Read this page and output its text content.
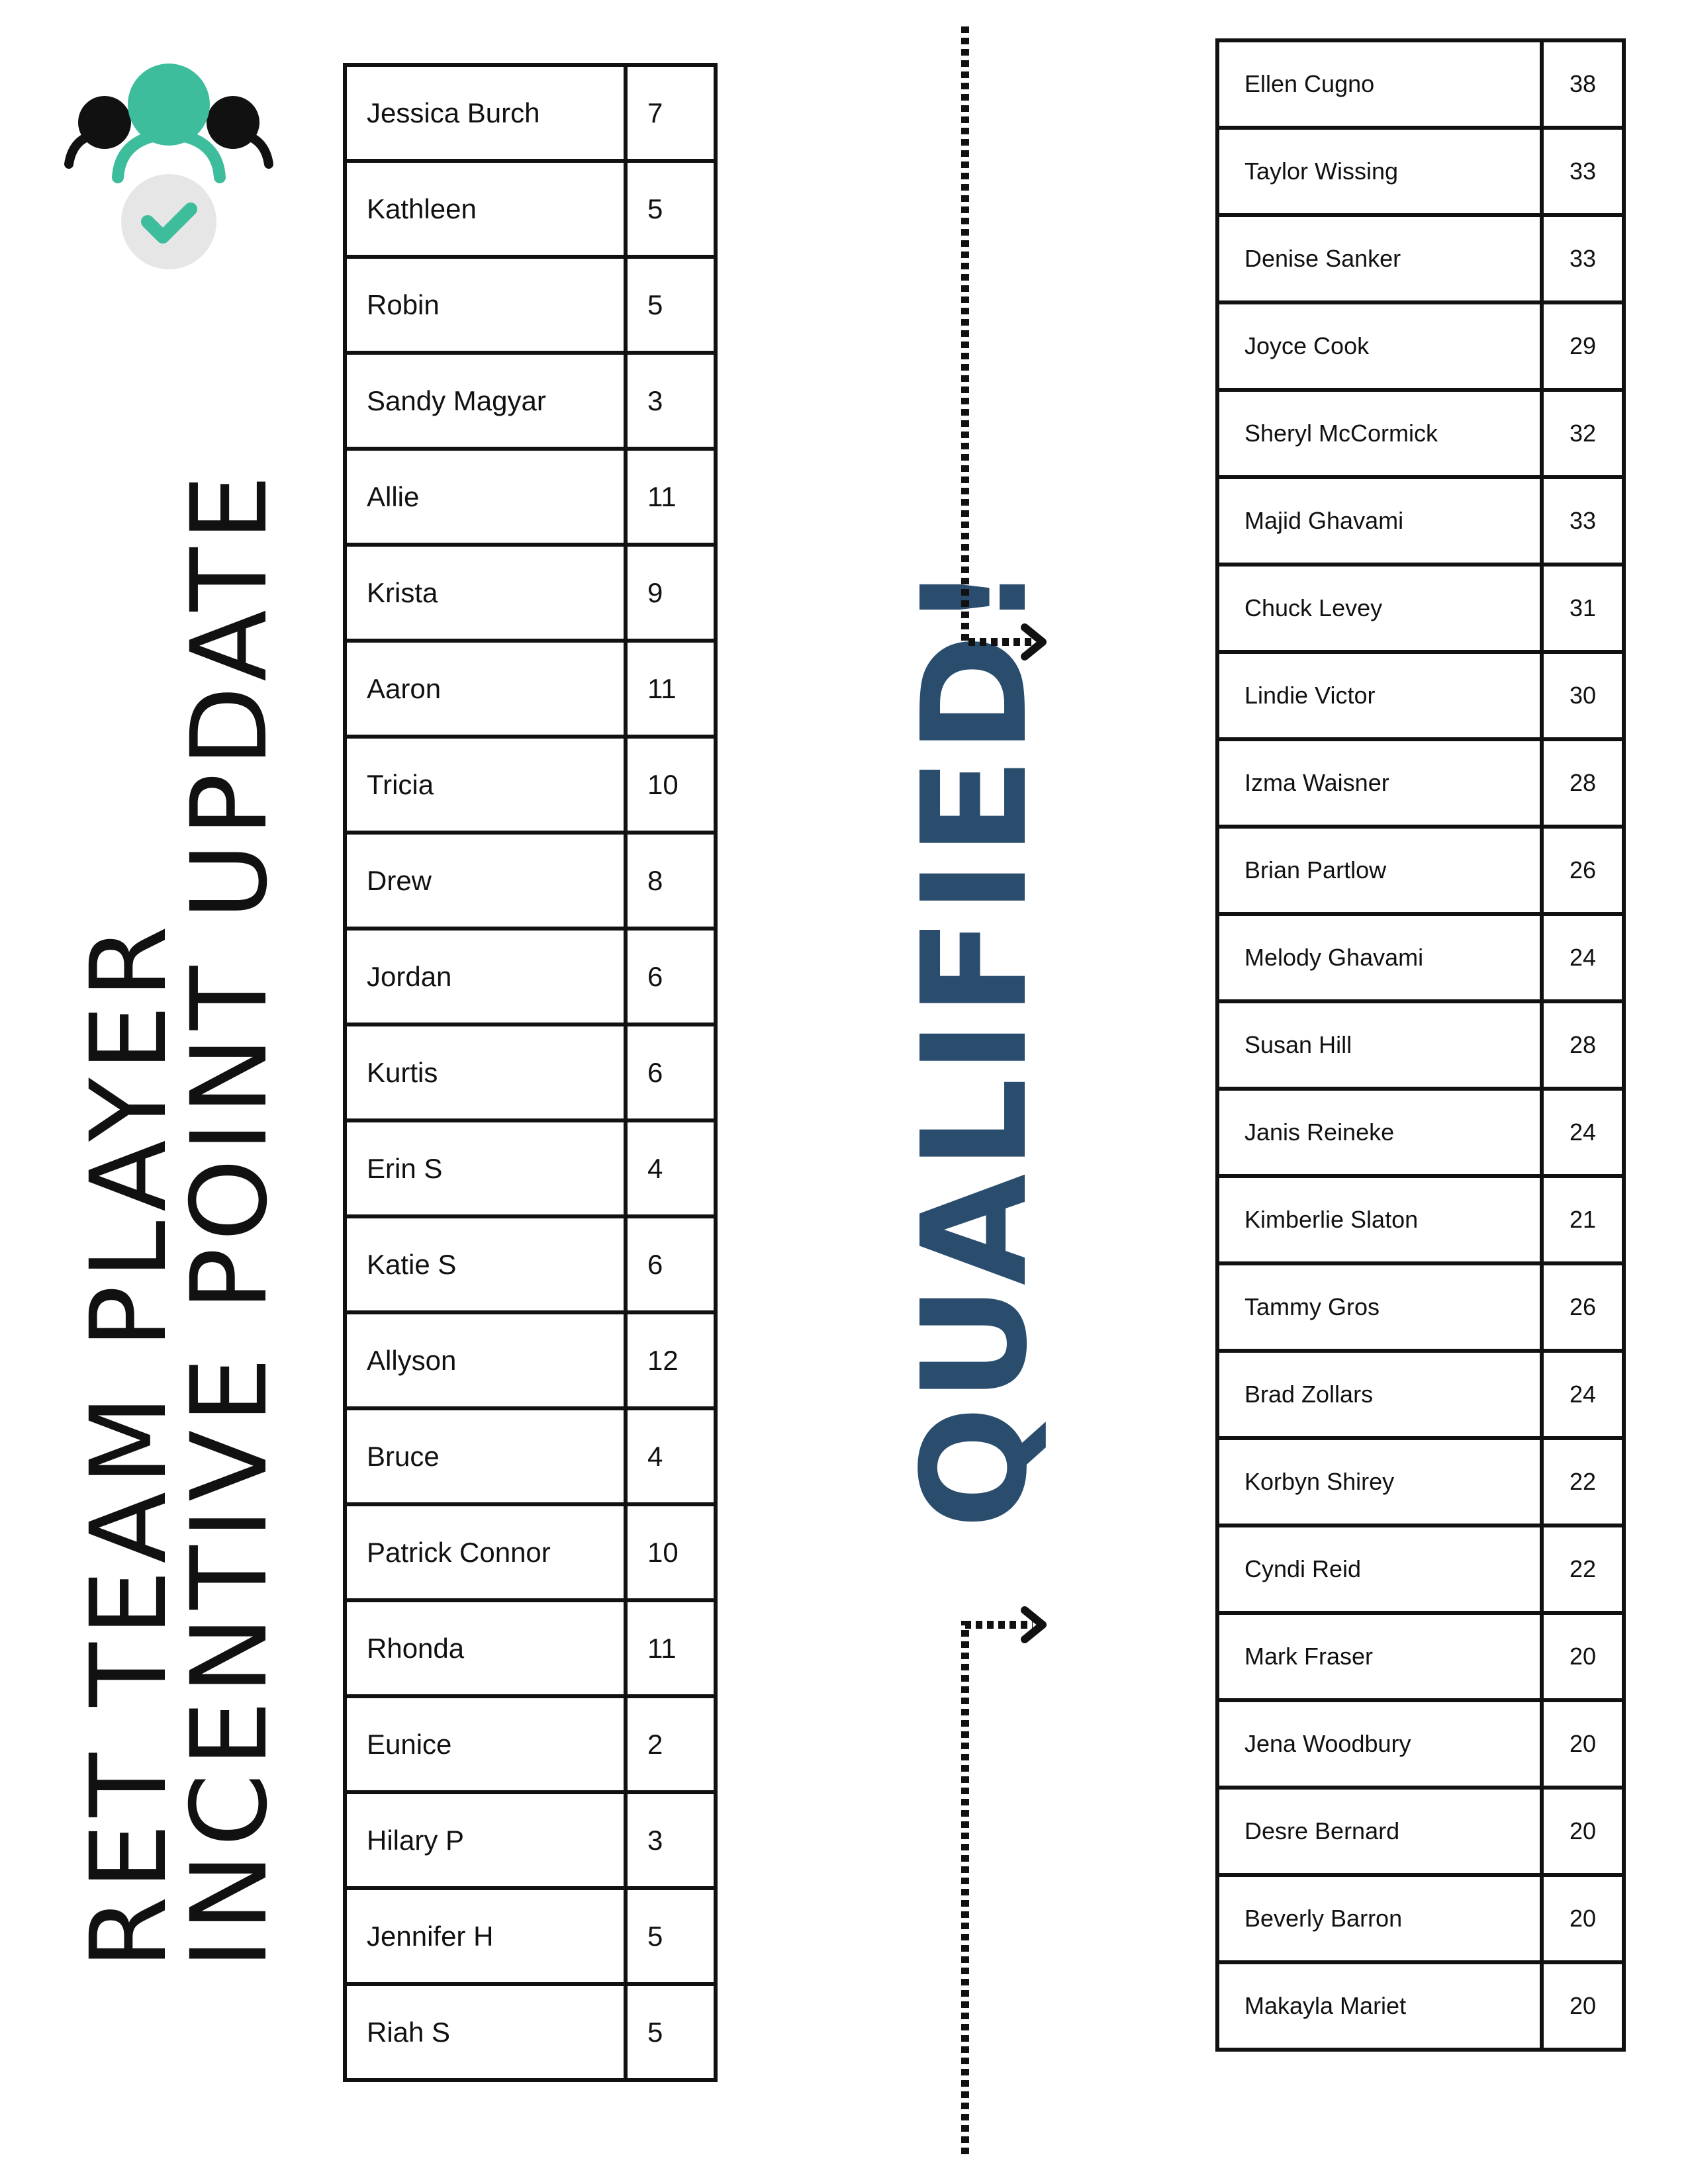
RET TEAM PLAYER
INCENTIVE POINT UPDATE
Jessica Burch	7
Kathleen	5
Robin	5
Sandy Magyar	3
Allie	11
Krista	9
Aaron	11
Tricia	10
Drew	8
Jordan	6
Kurtis	6
Erin S	4
Katie S	6
Allyson	12
Bruce	4
Patrick Connor	10
Rhonda	11
Eunice	2
Hilary P	3
Jennifer H	5
Riah S	5
QUALIFIED!
Ellen Cugno	38
Taylor Wissing	33
Denise Sanker	33
Joyce Cook	29
Sheryl McCormick	32
Majid Ghavami	33
Chuck Levey	31
Lindie Victor	30
Izma Waisner	28
Brian Partlow	26
Melody Ghavami	24
Susan Hill	28
Janis Reineke	24
Kimberlie Slaton	21
Tammy Gros	26
Brad Zollars	24
Korbyn Shirey	22
Cyndi Reid	22
Mark Fraser	20
Jena Woodbury	20
Desre Bernard	20
Beverly Barron	20
Makayla Mariet	20
